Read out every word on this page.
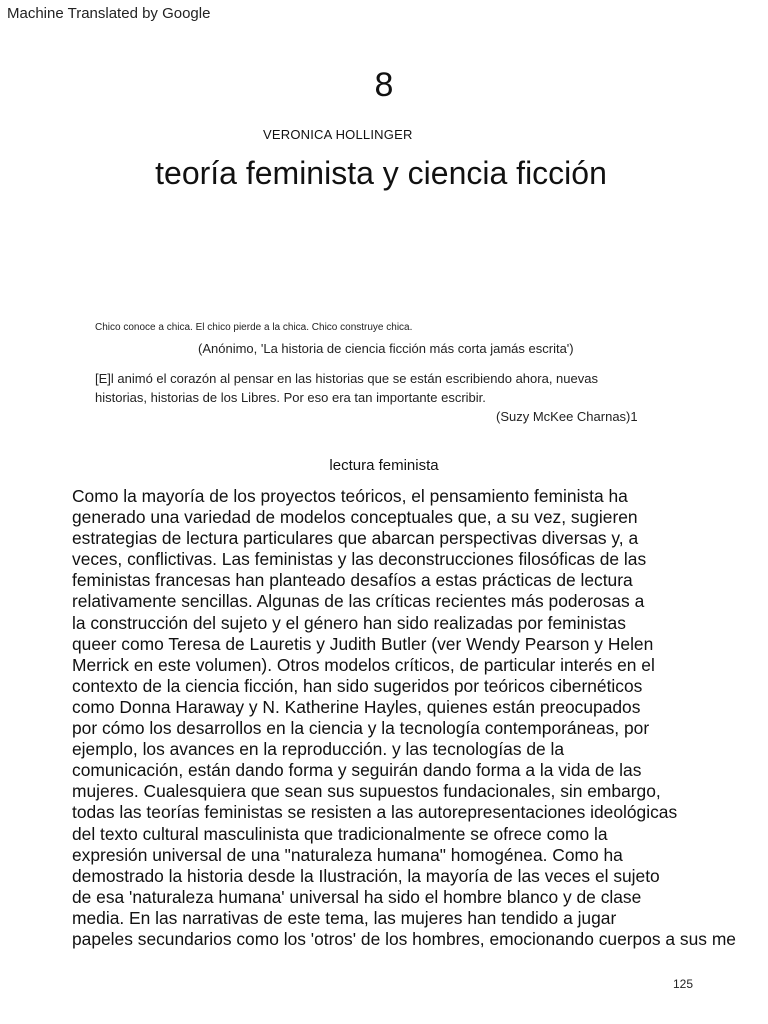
Machine Translated by Google
8
VERONICA HOLLINGER
teoría feminista y ciencia ficción
Chico conoce a chica. El chico pierde a la chica. Chico construye chica.
(Anónimo, 'La historia de ciencia ficción más corta jamás escrita')
[E]l animó el corazón al pensar en las historias que se están escribiendo ahora, nuevas
historias, historias de los Libres. Por eso era tan importante escribir.
(Suzy McKee Charnas)1
lectura feminista
Como la mayoría de los proyectos teóricos, el pensamiento feminista ha
generado una variedad de modelos conceptuales que, a su vez, sugieren
estrategias de lectura particulares que abarcan perspectivas diversas y, a
veces, conflictivas. Las feministas y las deconstrucciones filosóficas de las
feministas francesas han planteado desafíos a estas prácticas de lectura
relativamente sencillas. Algunas de las críticas recientes más poderosas a
la construcción del sujeto y el género han sido realizadas por feministas
queer como Teresa de Lauretis y Judith Butler (ver Wendy Pearson y Helen
Merrick en este volumen). Otros modelos críticos, de particular interés en el
contexto de la ciencia ficción, han sido sugeridos por teóricos cibernéticos
como Donna Haraway y N. Katherine Hayles, quienes están preocupados
por cómo los desarrollos en la ciencia y la tecnología contemporáneas, por
ejemplo, los avances en la reproducción. y las tecnologías de la
comunicación, están dando forma y seguirán dando forma a la vida de las
mujeres. Cualesquiera que sean sus supuestos fundacionales, sin embargo,
todas las teorías feministas se resisten a las autorepresentaciones ideológicas
del texto cultural masculinista que tradicionalmente se ofrece como la
expresión universal de una "naturaleza humana" homogénea. Como ha
demostrado la historia desde la Ilustración, la mayoría de las veces el sujeto
de esa 'naturaleza humana' universal ha sido el hombre blanco y de clase
media. En las narrativas de este tema, las mujeres han tendido a jugar
papeles secundarios como los 'otros' de los hombres, emocionando cuerpos a sus me
125
